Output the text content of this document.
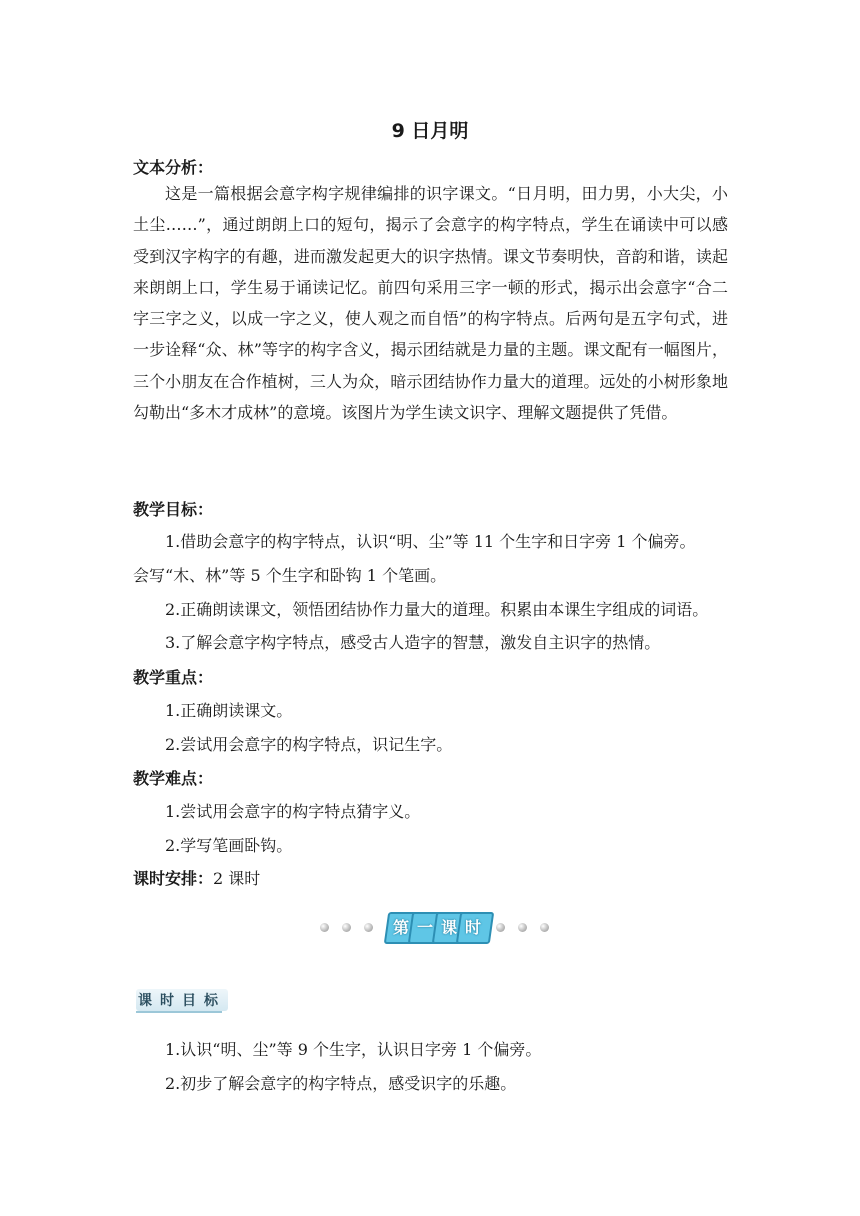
9 日月明
文本分析：
这是一篇根据会意字构字规律编排的识字课文。“日月明，田力男，小大尖，小土尘……”，通过朗朗上口的短句，揭示了会意字的构字特点，学生在诵读中可以感受到汉字构字的有趣，进而激发起更大的识字热情。课文节奏明快，音韵和谐，读起来朗朗上口，学生易于诵读记忆。前四句采用三字一顿的形式，揭示出会意字“合二字三字之义，以成一字之义，使人观之而自悟”的构字特点。后两句是五字句式，进一步诠释“众、林”等字的构字含义，揭示团结就是力量的主题。课文配有一幅图片，三个小朋友在合作植树，三人为众，暗示团结协作力量大的道理。远处的小树形象地勾勒出“多木才成林”的意境。该图片为学生读文识字、理解文题提供了凭借。
教学目标：
1.借助会意字的构字特点，认识“明、尘”等 11 个生字和日字旁 1 个偏旁。
会写“木、林”等 5 个生字和卧钩 1 个笔画。
2.正确朗读课文，领悟团结协作力量大的道理。积累由本课生字组成的词语。
3.了解会意字构字特点，感受古人造字的智慧，激发自主识字的热情。
教学重点：
1.正确朗读课文。
2.尝试用会意字的构字特点，识记生字。
教学难点：
1.尝试用会意字的构字特点猜字义。
2.学写笔画卧钩。
课时安排：2 课时
第 一 课 时
课时目标
1.认识“明、尘”等 9 个生字，认识日字旁 1 个偏旁。
2.初步了解会意字的构字特点，感受识字的乐趣。
